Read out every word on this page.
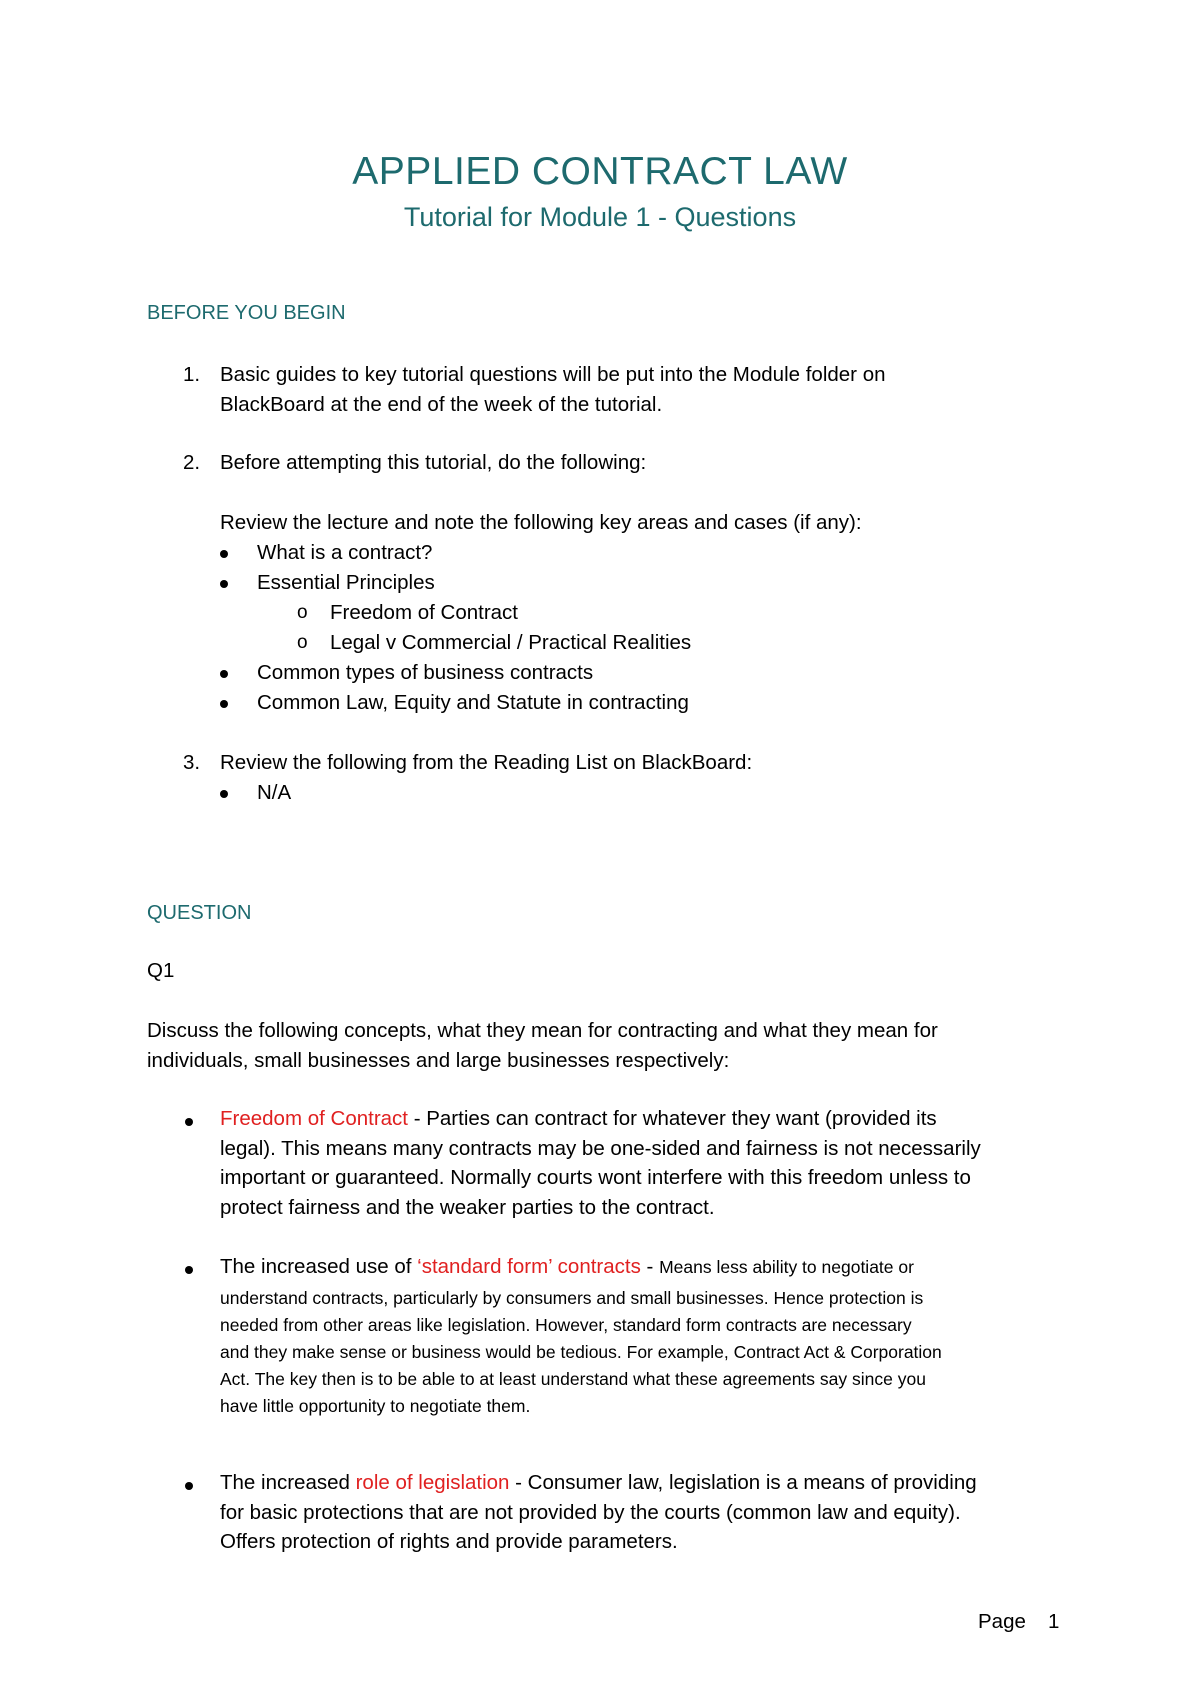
APPLIED CONTRACT LAW
Tutorial for Module 1 - Questions
BEFORE YOU BEGIN
1. Basic guides to key tutorial questions will be put into the Module folder on
BlackBoard at the end of the week of the tutorial.
2. Before attempting this tutorial, do the following:
Review the lecture and note the following key areas and cases (if any):
What is a contract?
Essential Principles
o Freedom of Contract
o Legal v Commercial / Practical Realities
Common types of business contracts
Common Law, Equity and Statute in contracting
3. Review the following from the Reading List on BlackBoard:
N/A
QUESTION
Q1
Discuss the following concepts, what they mean for contracting and what they mean for
individuals, small businesses and large businesses respectively:
Freedom of Contract - Parties can contract for whatever they want (provided its
legal). This means many contracts may be one-sided and fairness is not necessarily
important or guaranteed. Normally courts wont interfere with this freedom unless to
protect fairness and the weaker parties to the contract.
The increased use of ‘standard form’ contracts - Means less ability to negotiate or
understand contracts, particularly by consumers and small businesses. Hence protection is
needed from other areas like legislation. However, standard form contracts are necessary
and they make sense or business would be tedious. For example, Contract Act & Corporation
Act. The key then is to be able to at least understand what these agreements say since you
have little opportunity to negotiate them.
The increased role of legislation - Consumer law, legislation is a means of providing
for basic protections that are not provided by the courts (common law and equity).
Offers protection of rights and provide parameters.
Page 1
